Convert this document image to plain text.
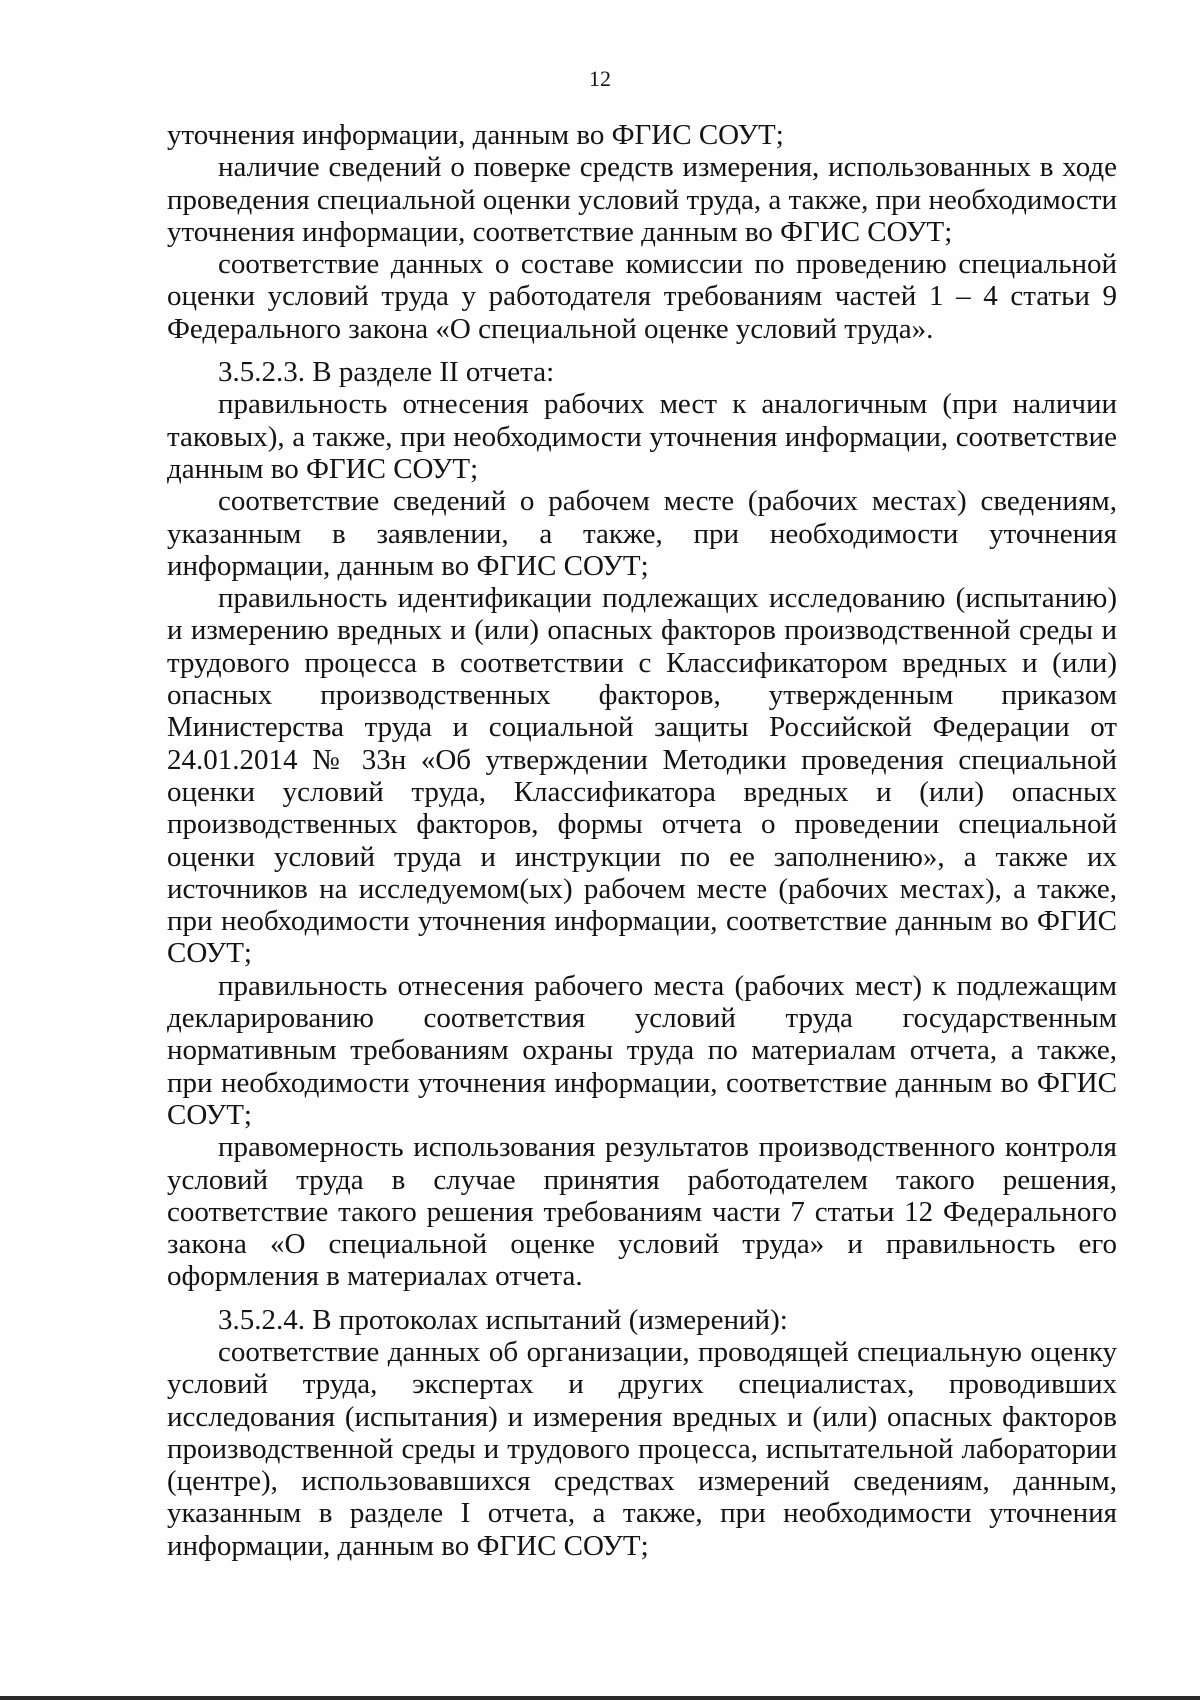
12

уточнения информации, данным во ФГИС СОУТ;

наличие сведений о поверке средств измерения, использованных в ходе проведения специальной оценки условий труда, а также, при необходимости уточнения информации, соответствие данным во ФГИС СОУТ;

соответствие данных о составе комиссии по проведению специальной оценки условий труда у работодателя требованиям частей 1 – 4 статьи 9 Федерального закона «О специальной оценке условий труда».

3.5.2.3. В разделе II отчета:

правильность отнесения рабочих мест к аналогичным (при наличии таковых), а также, при необходимости уточнения информации, соответствие данным во ФГИС СОУТ;

соответствие сведений о рабочем месте (рабочих местах) сведениям, указанным в заявлении, а также, при необходимости уточнения информации, данным во ФГИС СОУТ;

правильность идентификации подлежащих исследованию (испытанию) и измерению вредных и (или) опасных факторов производственной среды и трудового процесса в соответствии с Классификатором вредных и (или) опасных производственных факторов, утвержденным приказом Министерства труда и социальной защиты Российской Федерации от 24.01.2014 № 33н «Об утверждении Методики проведения специальной оценки условий труда, Классификатора вредных и (или) опасных производственных факторов, формы отчета о проведении специальной оценки условий труда и инструкции по ее заполнению», а также их источников на исследуемом(ых) рабочем месте (рабочих местах), а также, при необходимости уточнения информации, соответствие данным во ФГИС СОУТ;

правильность отнесения рабочего места (рабочих мест) к подлежащим декларированию соответствия условий труда государственным нормативным требованиям охраны труда по материалам отчета, а также, при необходимости уточнения информации, соответствие данным во ФГИС СОУТ;

правомерность использования результатов производственного контроля условий труда в случае принятия работодателем такого решения, соответствие такого решения требованиям части 7 статьи 12 Федерального закона «О специальной оценке условий труда» и правильность его оформления в материалах отчета.

3.5.2.4. В протоколах испытаний (измерений):

соответствие данных об организации, проводящей специальную оценку условий труда, экспертах и других специалистах, проводивших исследования (испытания) и измерения вредных и (или) опасных факторов производственной среды и трудового процесса, испытательной лаборатории (центре), использовавшихся средствах измерений сведениям, данным, указанным в разделе I отчета, а также, при необходимости уточнения информации, данным во ФГИС СОУТ;
